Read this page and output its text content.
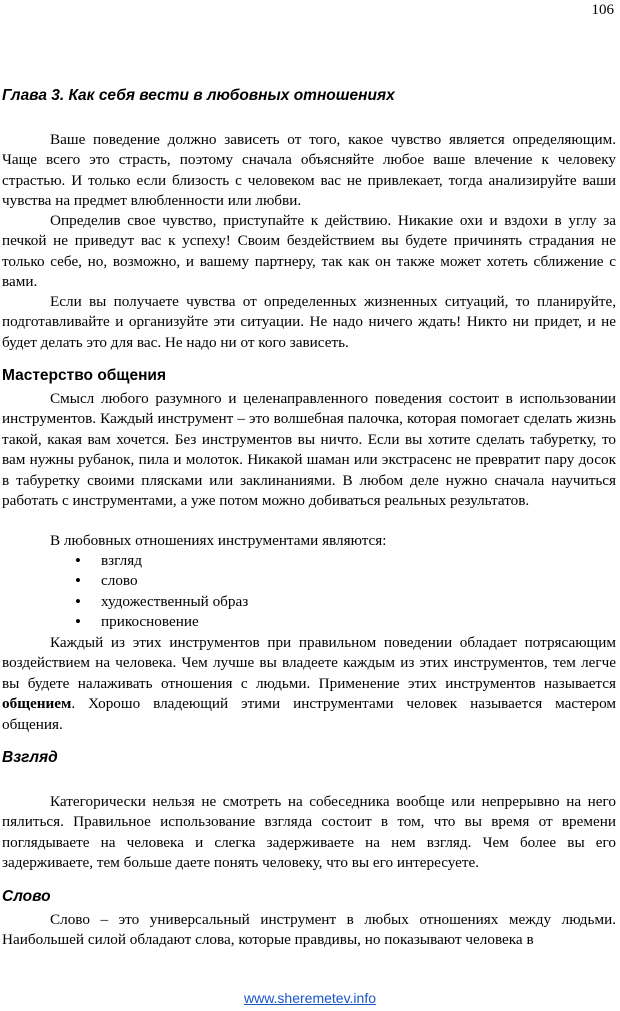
106
Глава 3. Как себя вести в любовных отношениях

Ваше поведение должно зависеть от того, какое чувство является определяющим. Чаще всего это страсть, поэтому сначала объясняйте любое ваше влечение к человеку страстью. И только если близость с человеком вас не привлекает, тогда анализируйте ваши чувства на предмет влюбленности или любви.

Определив свое чувство, приступайте к действию. Никакие охи и вздохи в углу за печкой не приведут вас к успеху! Своим бездействием вы будете причинять страдания не только себе, но, возможно, и вашему партнеру, так как он также может хотеть сближение с вами.

Если вы получаете чувства от определенных жизненных ситуаций, то планируйте, подготавливайте и организуйте эти ситуации. Не надо ничего ждать! Никто ни придет, и не будет делать это для вас. Не надо ни от кого зависеть.

Мастерство общения

Смысл любого разумного и целенаправленного поведения состоит в использовании инструментов. Каждый инструмент – это волшебная палочка, которая помогает сделать жизнь такой, какая вам хочется. Без инструментов вы ничто. Если вы хотите сделать табуретку, то вам нужны рубанок, пила и молоток. Никакой шаман или экстрасенс не превратит пару досок в табуретку своими плясками или заклинаниями. В любом деле нужно сначала научиться работать с инструментами, а уже потом можно добиваться реальных результатов.

В любовных отношениях инструментами являются:

• взгляд
• слово
• художественный образ
• прикосновение

Каждый из этих инструментов при правильном поведении обладает потрясающим воздействием на человека. Чем лучше вы владеете каждым из этих инструментов, тем легче вы будете налаживать отношения с людьми. Применение этих инструментов называется общением. Хорошо владеющий этими инструментами человек называется мастером общения.

Взгляд

Категорически нельзя не смотреть на собеседника вообще или непрерывно на него пялиться. Правильное использование взгляда состоит в том, что вы время от времени поглядываете на человека и слегка задерживаете на нем взгляд. Чем более вы его задерживаете, тем больше даете понять человеку, что вы его интересуете.

Слово

Слово – это универсальный инструмент в любых отношениях между людьми. Наибольшей силой обладают слова, которые правдивы, но показывают человека в

www.sheremetev.info
